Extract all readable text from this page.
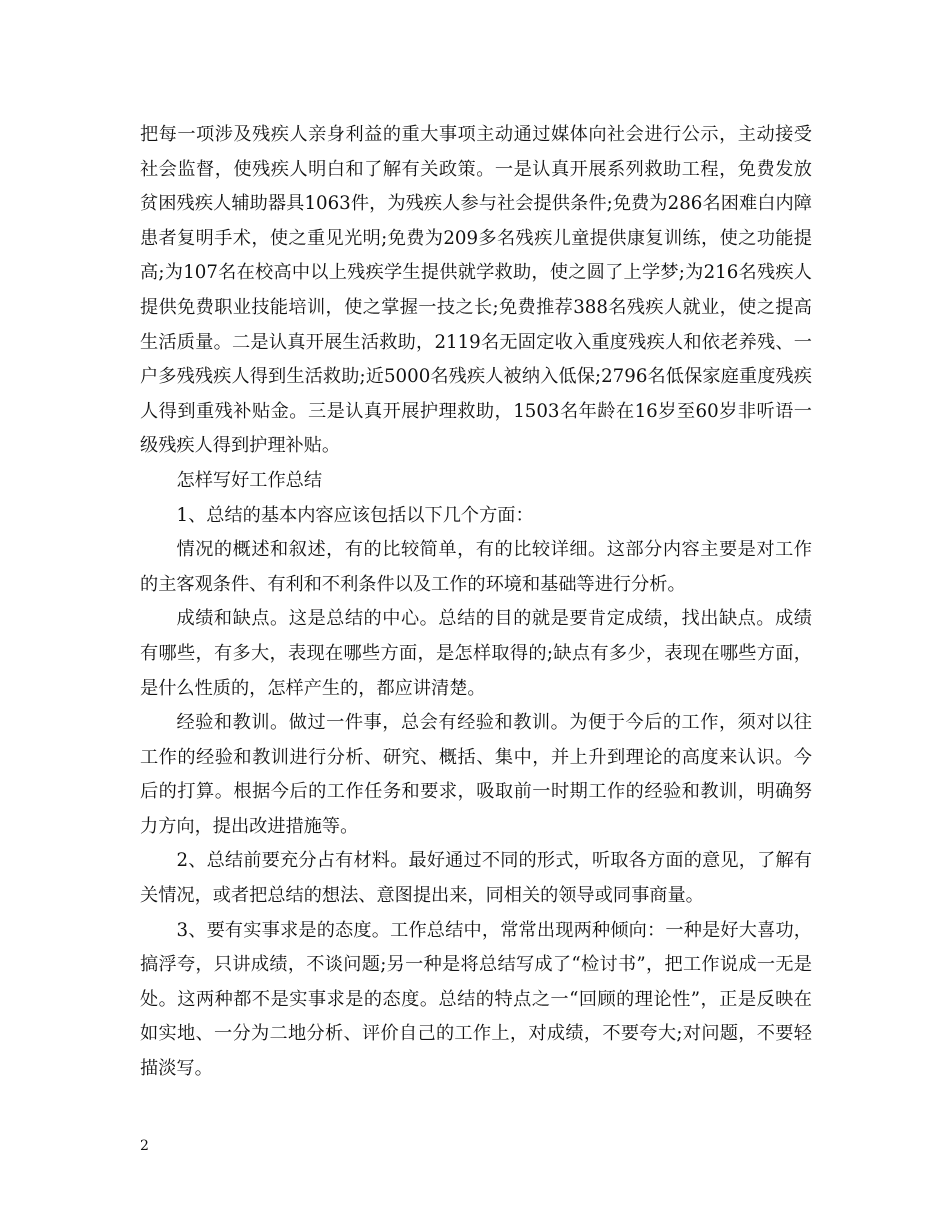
把每一项涉及残疾人亲身利益的重大事项主动通过媒体向社会进行公示，主动接受社会监督，使残疾人明白和了解有关政策。一是认真开展系列救助工程，免费发放贫困残疾人辅助器具1063件，为残疾人参与社会提供条件;免费为286名困难白内障患者复明手术，使之重见光明;免费为209多名残疾儿童提供康复训练，使之功能提高;为107名在校高中以上残疾学生提供就学救助，使之圆了上学梦;为216名残疾人提供免费职业技能培训，使之掌握一技之长;免费推荐388名残疾人就业，使之提高生活质量。二是认真开展生活救助，2119名无固定收入重度残疾人和依老养残、一户多残残疾人得到生活救助;近5000名残疾人被纳入低保;2796名低保家庭重度残疾人得到重残补贴金。三是认真开展护理救助，1503名年龄在16岁至60岁非听语一级残疾人得到护理补贴。

怎样写好工作总结

1、总结的基本内容应该包括以下几个方面：

情况的概述和叙述，有的比较简单，有的比较详细。这部分内容主要是对工作的主客观条件、有利和不利条件以及工作的环境和基础等进行分析。

成绩和缺点。这是总结的中心。总结的目的就是要肯定成绩，找出缺点。成绩有哪些，有多大，表现在哪些方面，是怎样取得的;缺点有多少，表现在哪些方面，是什么性质的，怎样产生的，都应讲清楚。

经验和教训。做过一件事，总会有经验和教训。为便于今后的工作，须对以往工作的经验和教训进行分析、研究、概括、集中，并上升到理论的高度来认识。今后的打算。根据今后的工作任务和要求，吸取前一时期工作的经验和教训，明确努力方向，提出改进措施等。

2、总结前要充分占有材料。最好通过不同的形式，听取各方面的意见，了解有关情况，或者把总结的想法、意图提出来，同相关的领导或同事商量。

3、要有实事求是的态度。工作总结中，常常出现两种倾向：一种是好大喜功，搞浮夸，只讲成绩，不谈问题;另一种是将总结写成了“检讨书”，把工作说成一无是处。这两种都不是实事求是的态度。总结的特点之一“回顾的理论性”，正是反映在如实地、一分为二地分析、评价自己的工作上，对成绩，不要夸大;对问题，不要轻描淡写。

2
